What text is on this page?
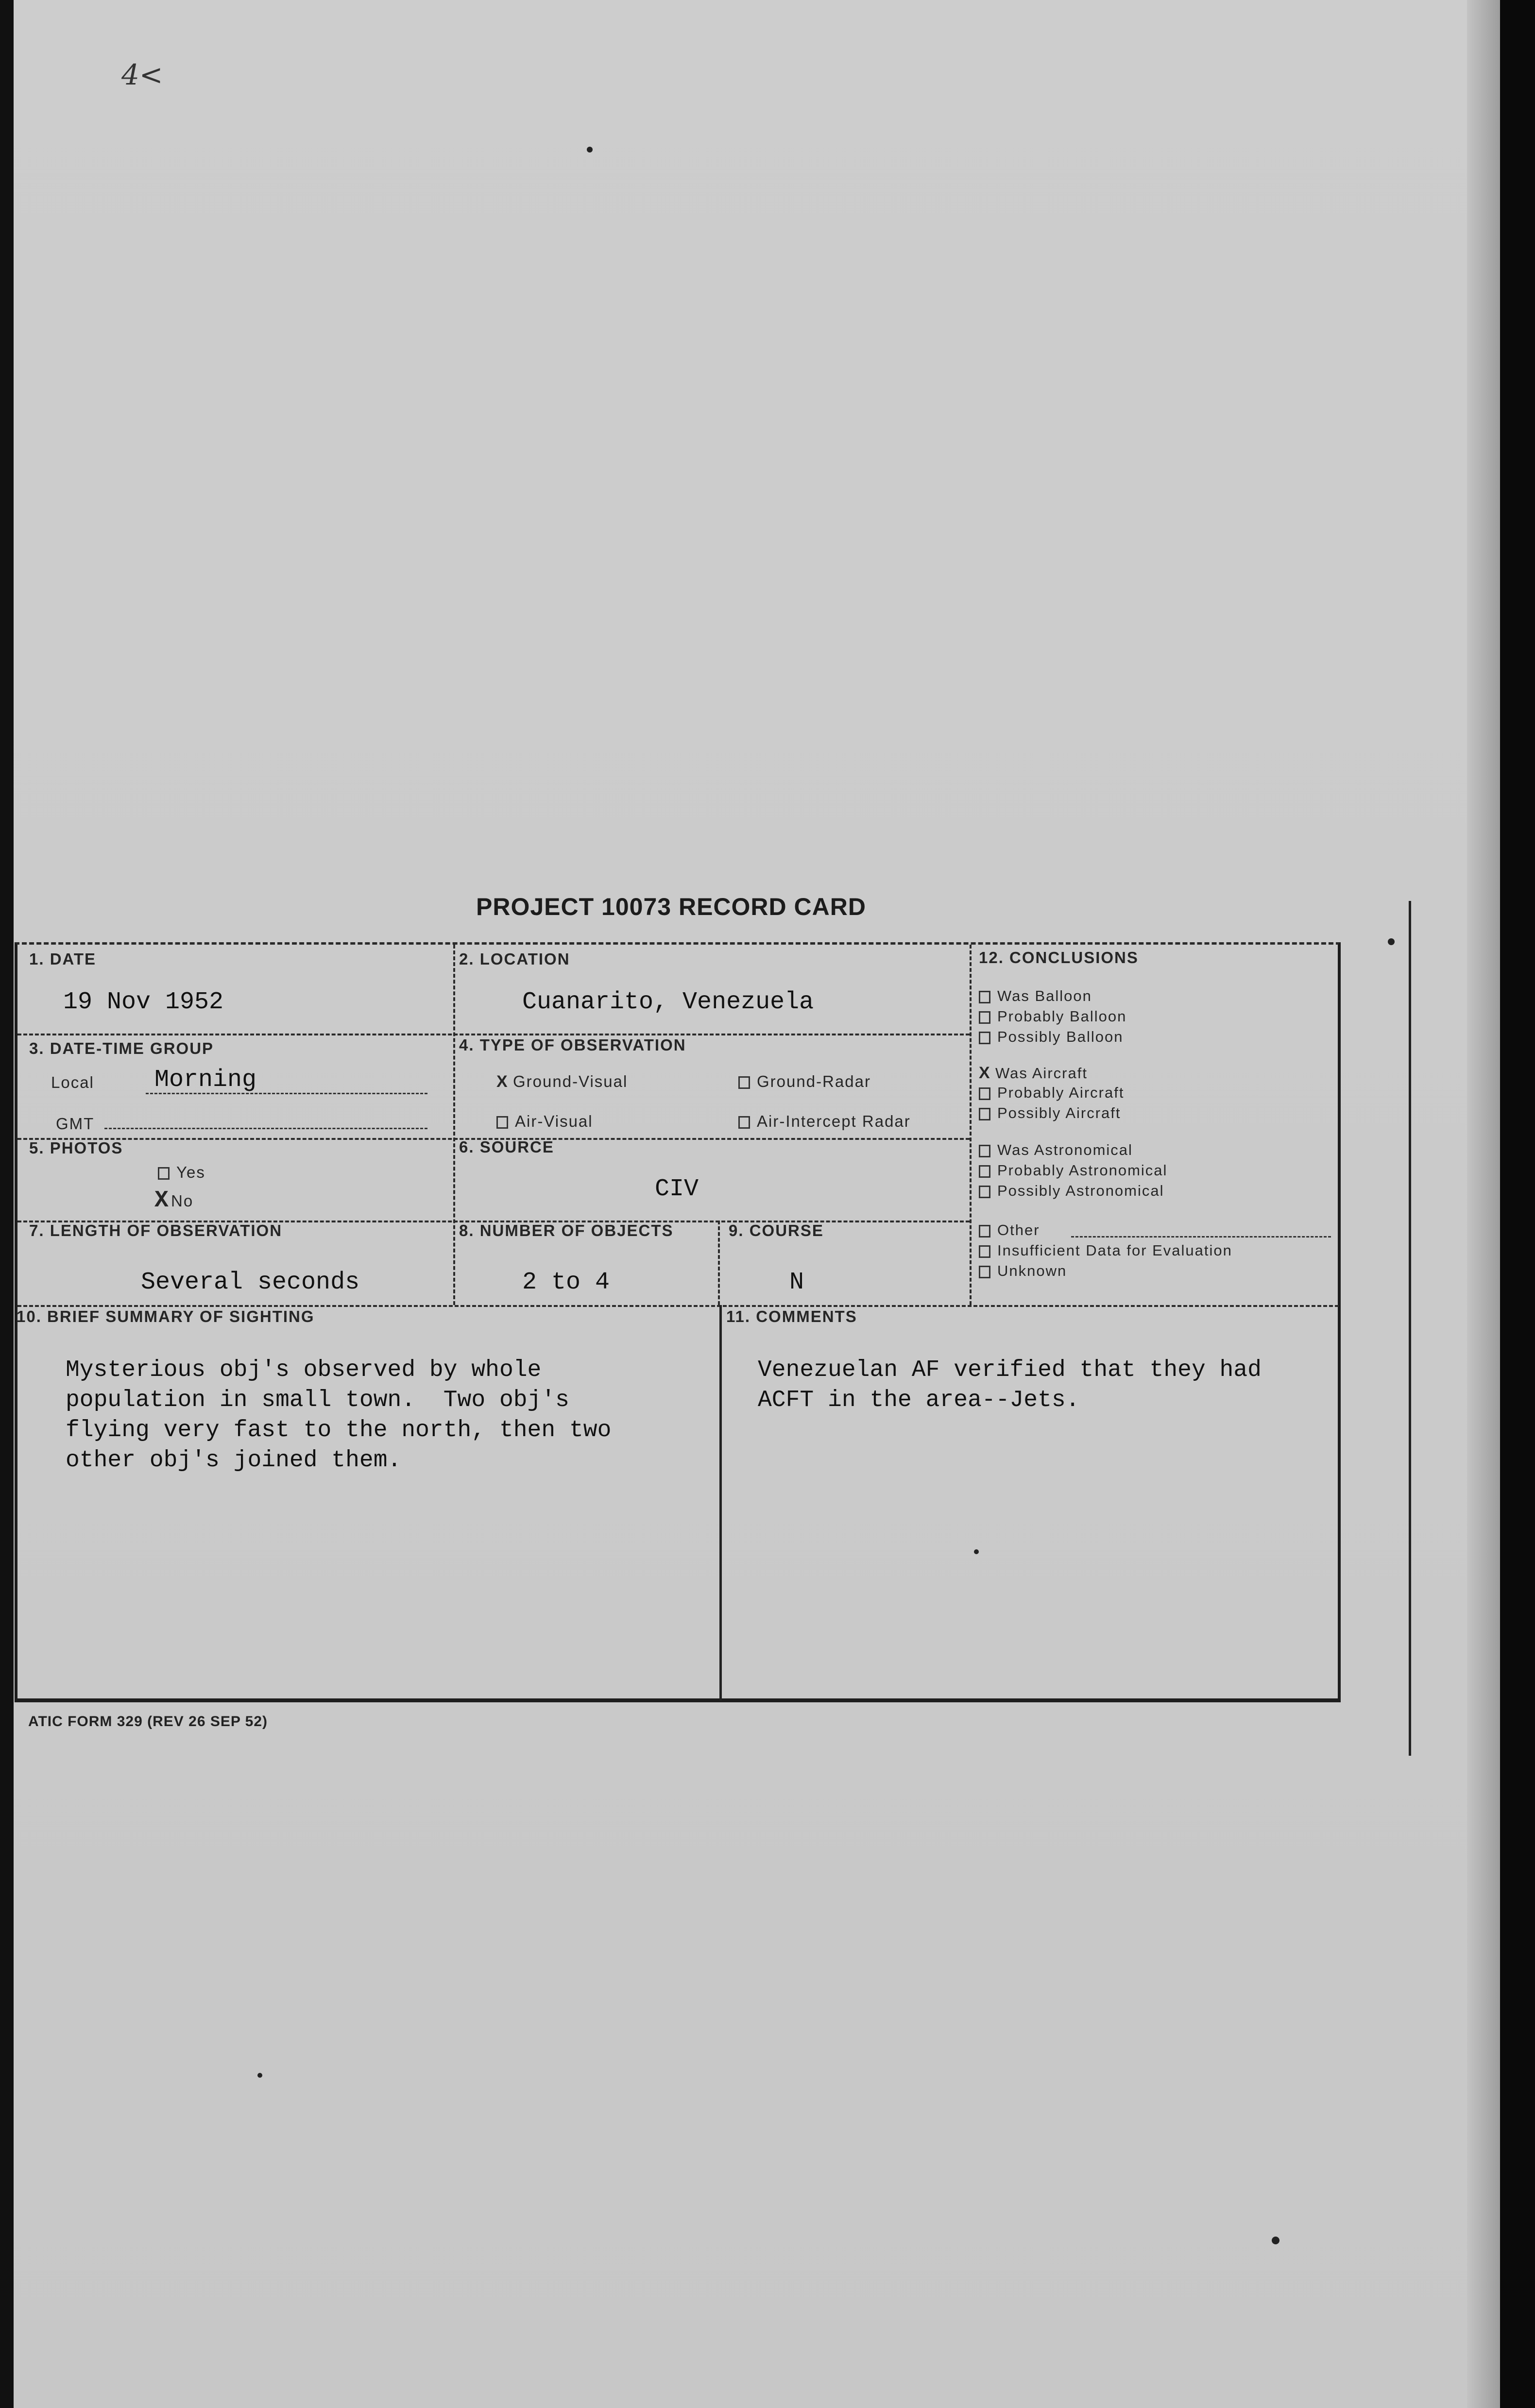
4<
PROJECT 10073 RECORD CARD
1. DATE
19 Nov 1952
2. LOCATION
Cuanarito, Venezuela
3. DATE-TIME GROUP
Local Morning
GMT
4. TYPE OF OBSERVATION
X Ground-Visual	Ground-Radar
Air-Visual	Air-Intercept Radar
5. PHOTOS
Yes
XNo
6. SOURCE
CIV
7. LENGTH OF OBSERVATION
Several seconds
8. NUMBER OF OBJECTS
2 to 4
9. COURSE
N
10. BRIEF SUMMARY OF SIGHTING
Mysterious obj's observed by whole
population in small town.  Two obj's
flying very fast to the north, then two
other obj's joined them.
11. COMMENTS
Venezuelan AF verified that they had
ACFT in the area--Jets.
12. CONCLUSIONS
Was Balloon
Probably Balloon
Possibly Balloon
X Was Aircraft
Probably Aircraft
Possibly Aircraft
Was Astronomical
Probably Astronomical
Possibly Astronomical
Other
Insufficient Data for Evaluation
Unknown
ATIC FORM 329 (REV 26 SEP 52)
